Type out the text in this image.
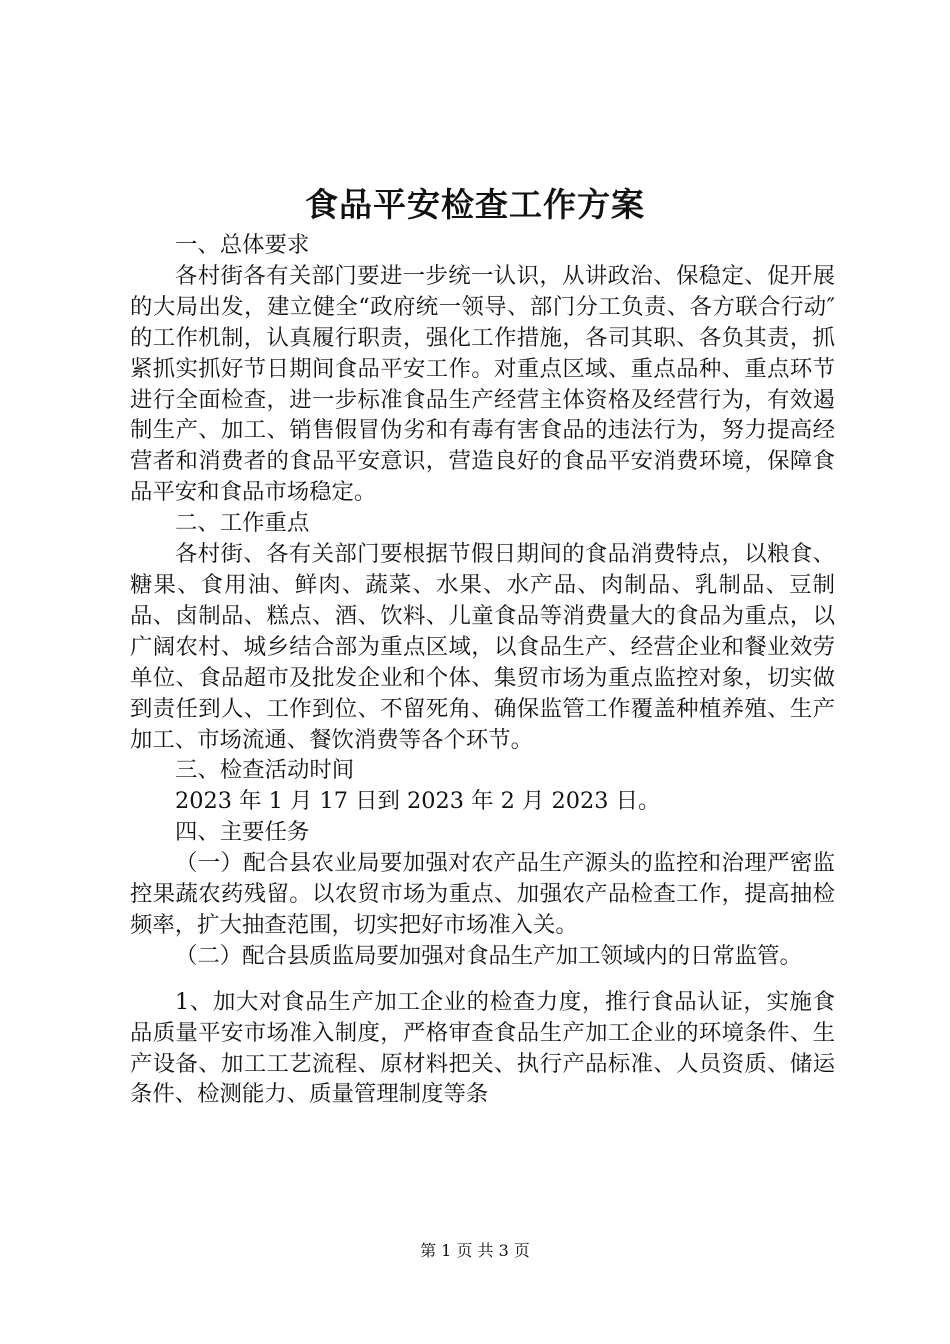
食品平安检查工作方案

一、总体要求

各村街各有关部门要进一步统一认识，从讲政治、保稳定、促开展的大局出发，建立健全“政府统一领导、部门分工负责、各方联合行动″的工作机制，认真履行职责，强化工作措施，各司其职、各负其责，抓紧抓实抓好节日期间食品平安工作。对重点区域、重点品种、重点环节进行全面检查，进一步标准食品生产经营主体资格及经营行为，有效遏制生产、加工、销售假冒伪劣和有毒有害食品的违法行为，努力提高经营者和消费者的食品平安意识，营造良好的食品平安消费环境，保障食品平安和食品市场稳定。

二、工作重点

各村街、各有关部门要根据节假日期间的食品消费特点，以粮食、糖果、食用油、鲜肉、蔬菜、水果、水产品、肉制品、乳制品、豆制品、卤制品、糕点、酒、饮料、儿童食品等消费量大的食品为重点，以广阔农村、城乡结合部为重点区域，以食品生产、经营企业和餐业效劳单位、食品超市及批发企业和个体、集贸市场为重点监控对象，切实做到责任到人、工作到位、不留死角、确保监管工作覆盖种植养殖、生产加工、市场流通、餐饮消费等各个环节。

三、检查活动时间

2023 年 1 月 17 日到 2023 年 2 月 2023 日。

四、主要任务

（一）配合县农业局要加强对农产品生产源头的监控和治理严密监控果蔬农药残留。以农贸市场为重点、加强农产品检查工作，提高抽检频率，扩大抽查范围，切实把好市场准入关。

（二）配合县质监局要加强对食品生产加工领域内的日常监管。

1、加大对食品生产加工企业的检查力度，推行食品认证，实施食品质量平安市场准入制度，严格审查食品生产加工企业的环境条件、生产设备、加工工艺流程、原材料把关、执行产品标准、人员资质、储运条件、检测能力、质量管理制度等条

第 1 页 共 3 页
